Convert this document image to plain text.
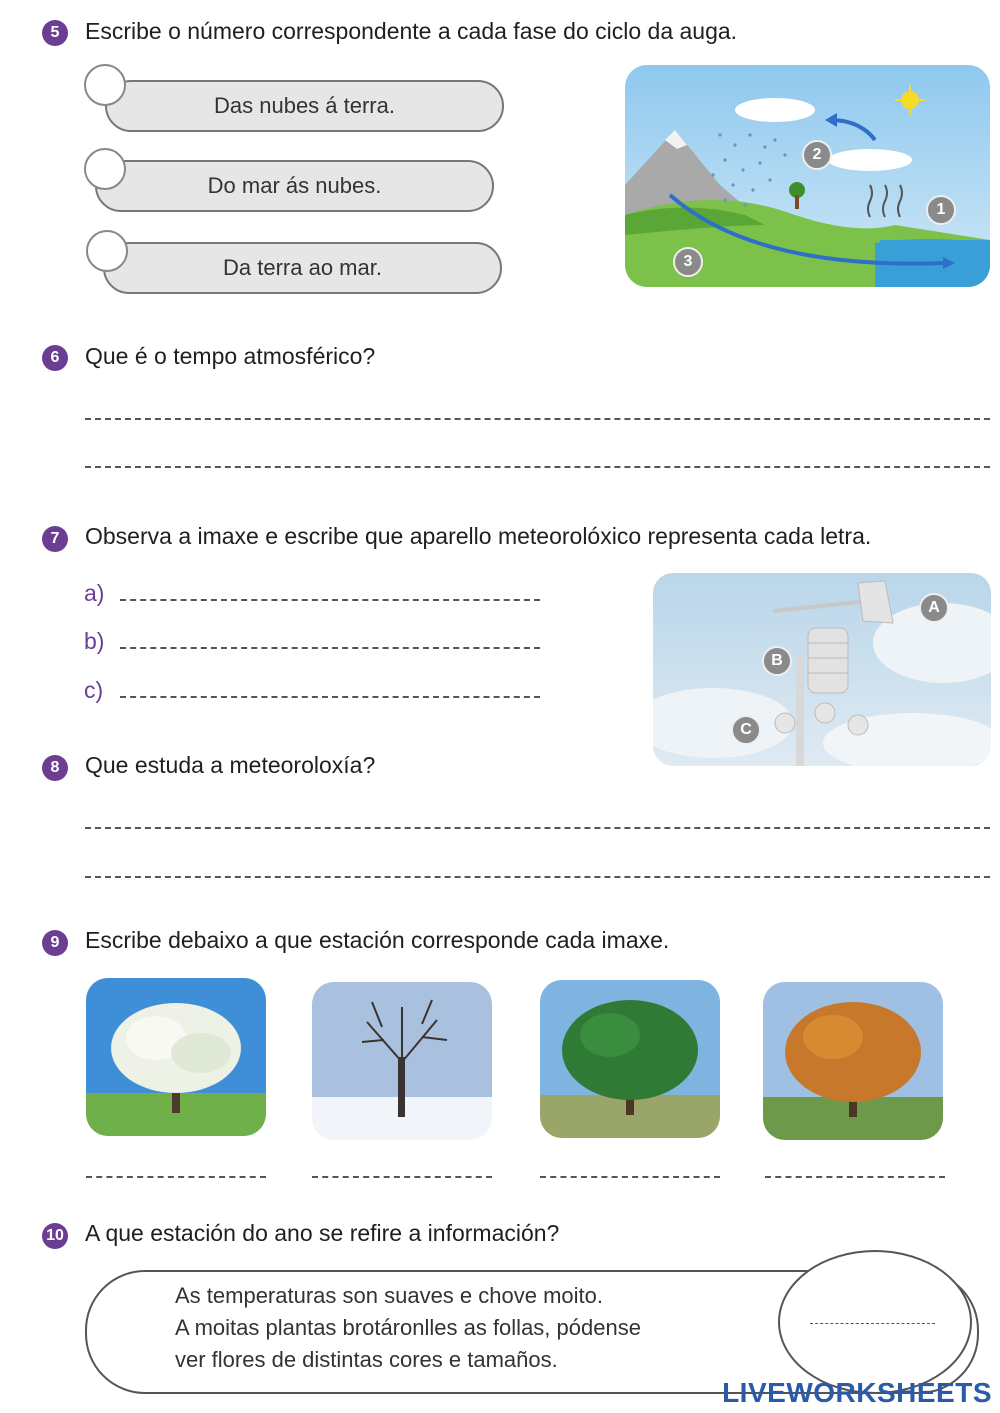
5	Escribe o número correspondente a cada fase do ciclo da auga.
Das nubes á terra.
Do mar ás nubes.
Da terra ao mar.
2
1
3
6	Que é o tempo atmosférico?
7	Observa a imaxe e escribe que aparello meteorolóxico representa cada letra.
a)
b)
c)
A
B
C
8	Que estuda a meteoroloxía?
9	Escribe debaixo a que estación corresponde cada imaxe.
10 A que estación do ano se refire a información?
As temperaturas son suaves e chove moito.
A moitas plantas brotáronlles as follas, pódense
ver flores de distintas cores e tamaños.
LIVEWORKSHEETS
